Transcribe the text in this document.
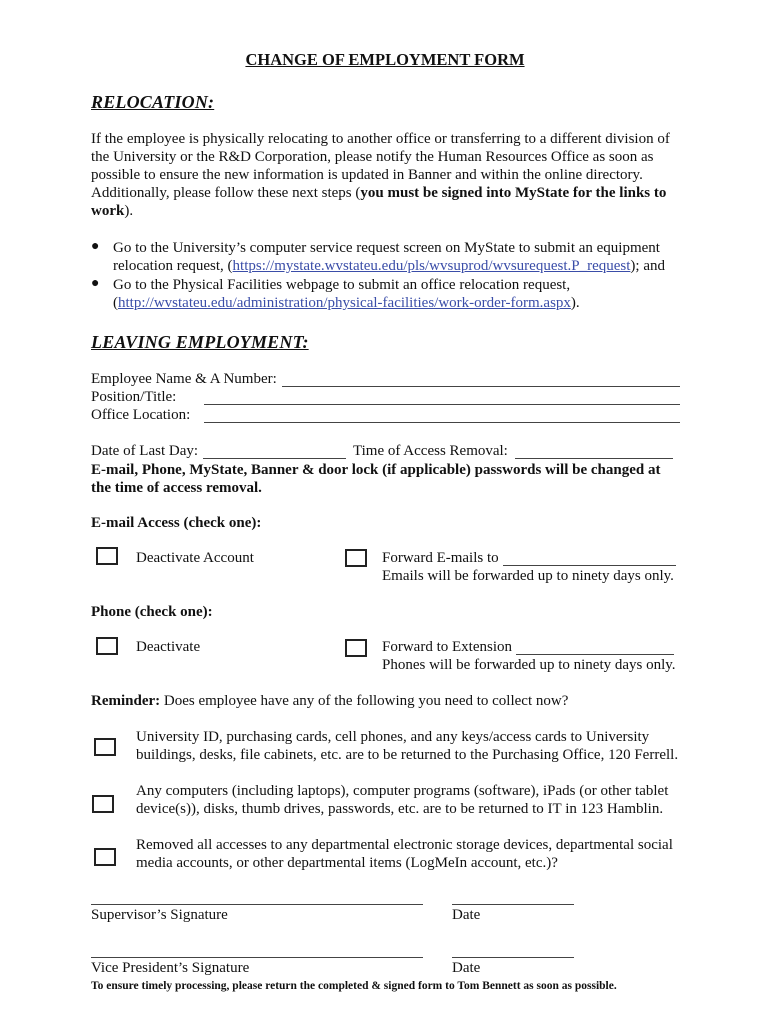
CHANGE OF EMPLOYMENT FORM
RELOCATION:
If the employee is physically relocating to another office or transferring to a different division of the University or the R&D Corporation, please notify the Human Resources Office as soon as possible to ensure the new information is updated in Banner and within the online directory. Additionally, please follow these next steps (you must be signed into MyState for the links to work).
● Go to the University’s computer service request screen on MyState to submit an equipment relocation request, (https://mystate.wvstateu.edu/pls/wvsuprod/wvsurequest.P_request); and
● Go to the Physical Facilities webpage to submit an office relocation request, (http://wvstateu.edu/administration/physical-facilities/work-order-form.aspx).
LEAVING EMPLOYMENT:
Employee Name & A Number:
Position/Title:
Office Location:
Date of Last Day:	Time of Access Removal:
E-mail, Phone, MyState, Banner & door lock (if applicable) passwords will be changed at the time of access removal.
E-mail Access (check one):
Deactivate Account	Forward E-mails to
Emails will be forwarded up to ninety days only.
Phone (check one):
Deactivate	Forward to Extension
Phones will be forwarded up to ninety days only.
Reminder: Does employee have any of the following you need to collect now?
University ID, purchasing cards, cell phones, and any keys/access cards to University buildings, desks, file cabinets, etc. are to be returned to the Purchasing Office, 120 Ferrell.
Any computers (including laptops), computer programs (software), iPads (or other tablet device(s)), disks, thumb drives, passwords, etc. are to be returned to IT in 123 Hamblin.
Removed all accesses to any departmental electronic storage devices, departmental social media accounts, or other departmental items (LogMeIn account, etc.)?
Supervisor’s Signature	Date
Vice President’s Signature	Date
To ensure timely processing, please return the completed & signed form to Tom Bennett as soon as possible.
